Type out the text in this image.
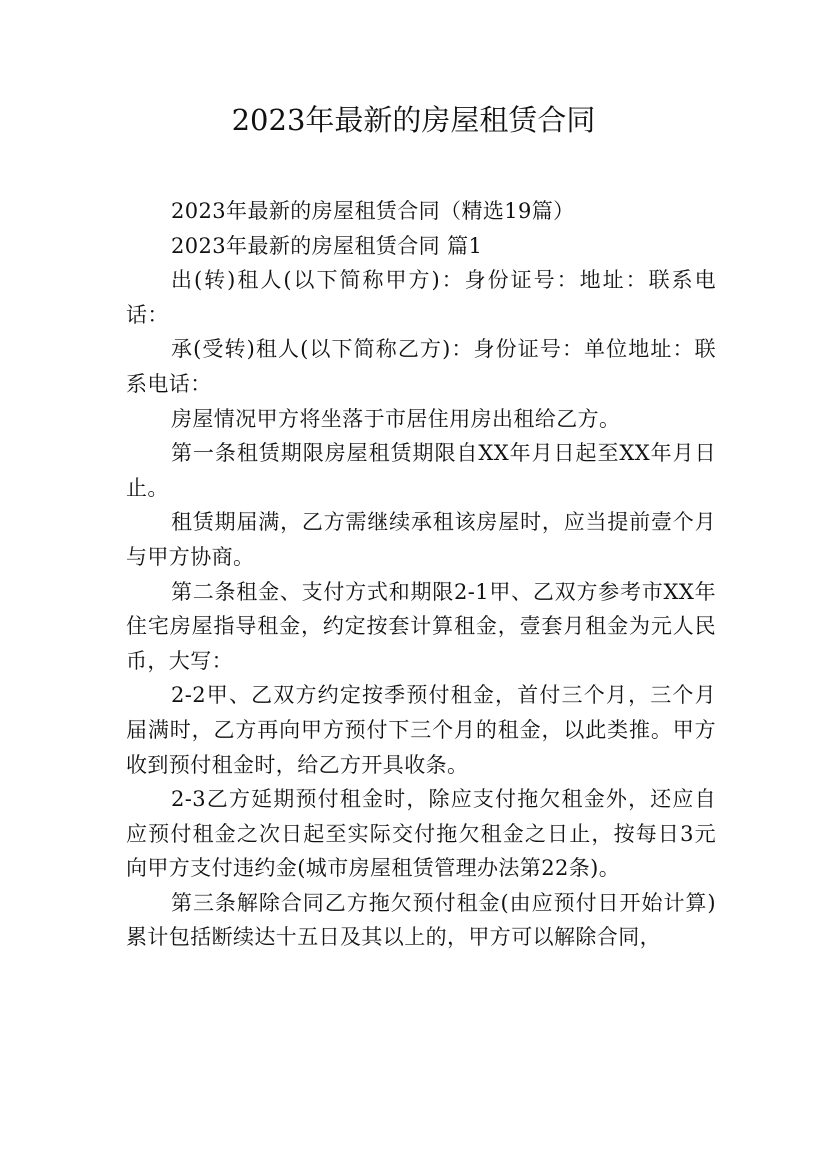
2023年最新的房屋租赁合同

2023年最新的房屋租赁合同（精选19篇）

2023年最新的房屋租赁合同 篇1

出(转)租人(以下简称甲方)：身份证号：地址：联系电话：

承(受转)租人(以下简称乙方)：身份证号：单位地址：联系电话：

房屋情况甲方将坐落于市居住用房出租给乙方。

第一条租赁期限房屋租赁期限自XX年月日起至XX年月日止。

租赁期届满，乙方需继续承租该房屋时，应当提前壹个月与甲方协商。

第二条租金、支付方式和期限2-1甲、乙双方参考市XX年住宅房屋指导租金，约定按套计算租金，壹套月租金为元人民币，大写：

2-2甲、乙双方约定按季预付租金，首付三个月，三个月届满时，乙方再向甲方预付下三个月的租金，以此类推。甲方收到预付租金时，给乙方开具收条。

2-3乙方延期预付租金时，除应支付拖欠租金外，还应自应预付租金之次日起至实际交付拖欠租金之日止，按每日3元向甲方支付违约金(城市房屋租赁管理办法第22条)。

第三条解除合同乙方拖欠预付租金(由应预付日开始计算)累计包括断续达十五日及其以上的，甲方可以解除合同，
